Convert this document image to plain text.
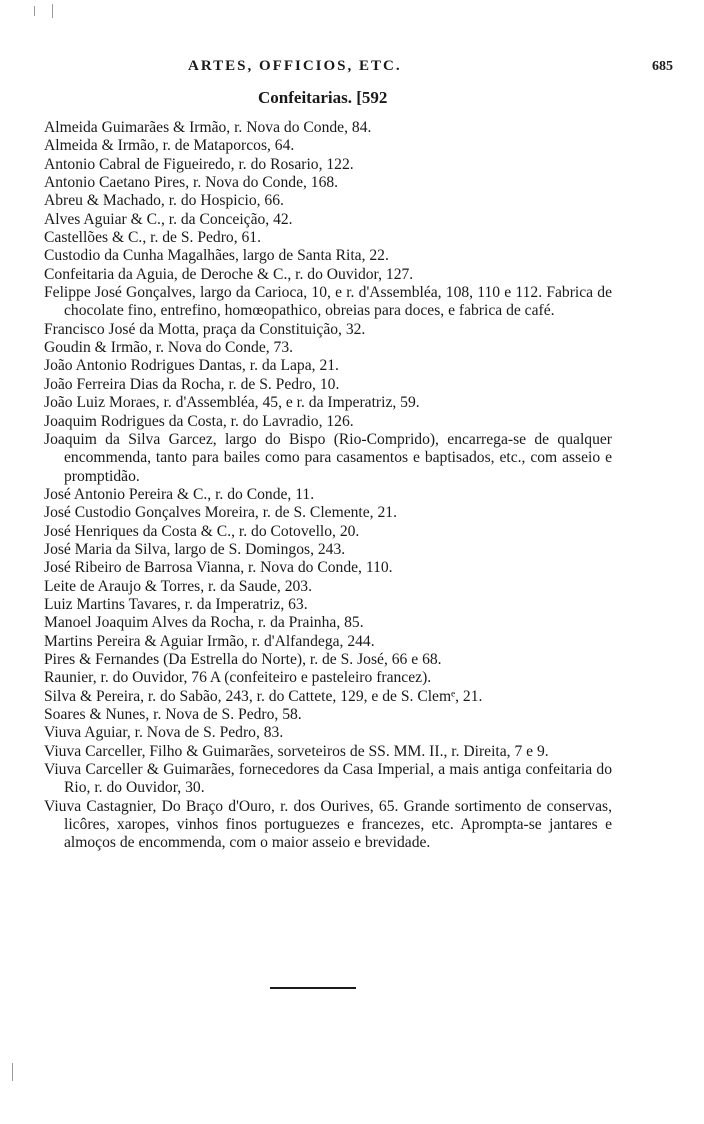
ARTES, OFFICIOS, ETC.	685
Confeitarias. [592
Almeida Guimarães & Irmão, r. Nova do Conde, 84.
Almeida & Irmão, r. de Mataporcos, 64.
Antonio Cabral de Figueiredo, r. do Rosario, 122.
Antonio Caetano Pires, r. Nova do Conde, 168.
Abreu & Machado, r. do Hospicio, 66.
Alves Aguiar & C., r. da Conceição, 42.
Castellões & C., r. de S. Pedro, 61.
Custodio da Cunha Magalhães, largo de Santa Rita, 22.
Confeitaria da Aguia, de Deroche & C., r. do Ouvidor, 127.
Felippe José Gonçalves, largo da Carioca, 10, e r. d'Assembléa, 108, 110 e 112. Fabrica de chocolate fino, entrefino, homœopathico, obreias para doces, e fabrica de café.
Francisco José da Motta, praça da Constituição, 32.
Goudin & Irmão, r. Nova do Conde, 73.
João Antonio Rodrigues Dantas, r. da Lapa, 21.
João Ferreira Dias da Rocha, r. de S. Pedro, 10.
João Luiz Moraes, r. d'Assembléa, 45, e r. da Imperatriz, 59.
Joaquim Rodrigues da Costa, r. do Lavradio, 126.
Joaquim da Silva Garcez, largo do Bispo (Rio-Comprido), encarrega-se de qualquer encommenda, tanto para bailes como para casamentos e baptisados, etc., com asseio e promptidão.
José Antonio Pereira & C., r. do Conde, 11.
José Custodio Gonçalves Moreira, r. de S. Clemente, 21.
José Henriques da Costa & C., r. do Cotovello, 20.
José Maria da Silva, largo de S. Domingos, 243.
José Ribeiro de Barrosa Vianna, r. Nova do Conde, 110.
Leite de Araujo & Torres, r. da Saude, 203.
Luiz Martins Tavares, r. da Imperatriz, 63.
Manoel Joaquim Alves da Rocha, r. da Prainha, 85.
Martins Pereira & Aguiar Irmão, r. d'Alfandega, 244.
Pires & Fernandes (Da Estrella do Norte), r. de S. José, 66 e 68.
Raunier, r. do Ouvidor, 76 A (confeiteiro e pasteleiro francez).
Silva & Pereira, r. do Sabão, 243, r. do Cattete, 129, e de S. Clemᵉ, 21.
Soares & Nunes, r. Nova de S. Pedro, 58.
Viuva Aguiar, r. Nova de S. Pedro, 83.
Viuva Carceller, Filho & Guimarães, sorveteiros de SS. MM. II., r. Direita, 7 e 9.
Viuva Carceller & Guimarães, fornecedores da Casa Imperial, a mais antiga confeitaria do Rio, r. do Ouvidor, 30.
Viuva Castagnier, Do Braço d'Ouro, r. dos Ourives, 65. Grande sortimento de conservas, licôres, xaropes, vinhos finos portuguezes e francezes, etc. Aprompta-se jantares e almoços de encommenda, com o maior asseio e brevidade.
